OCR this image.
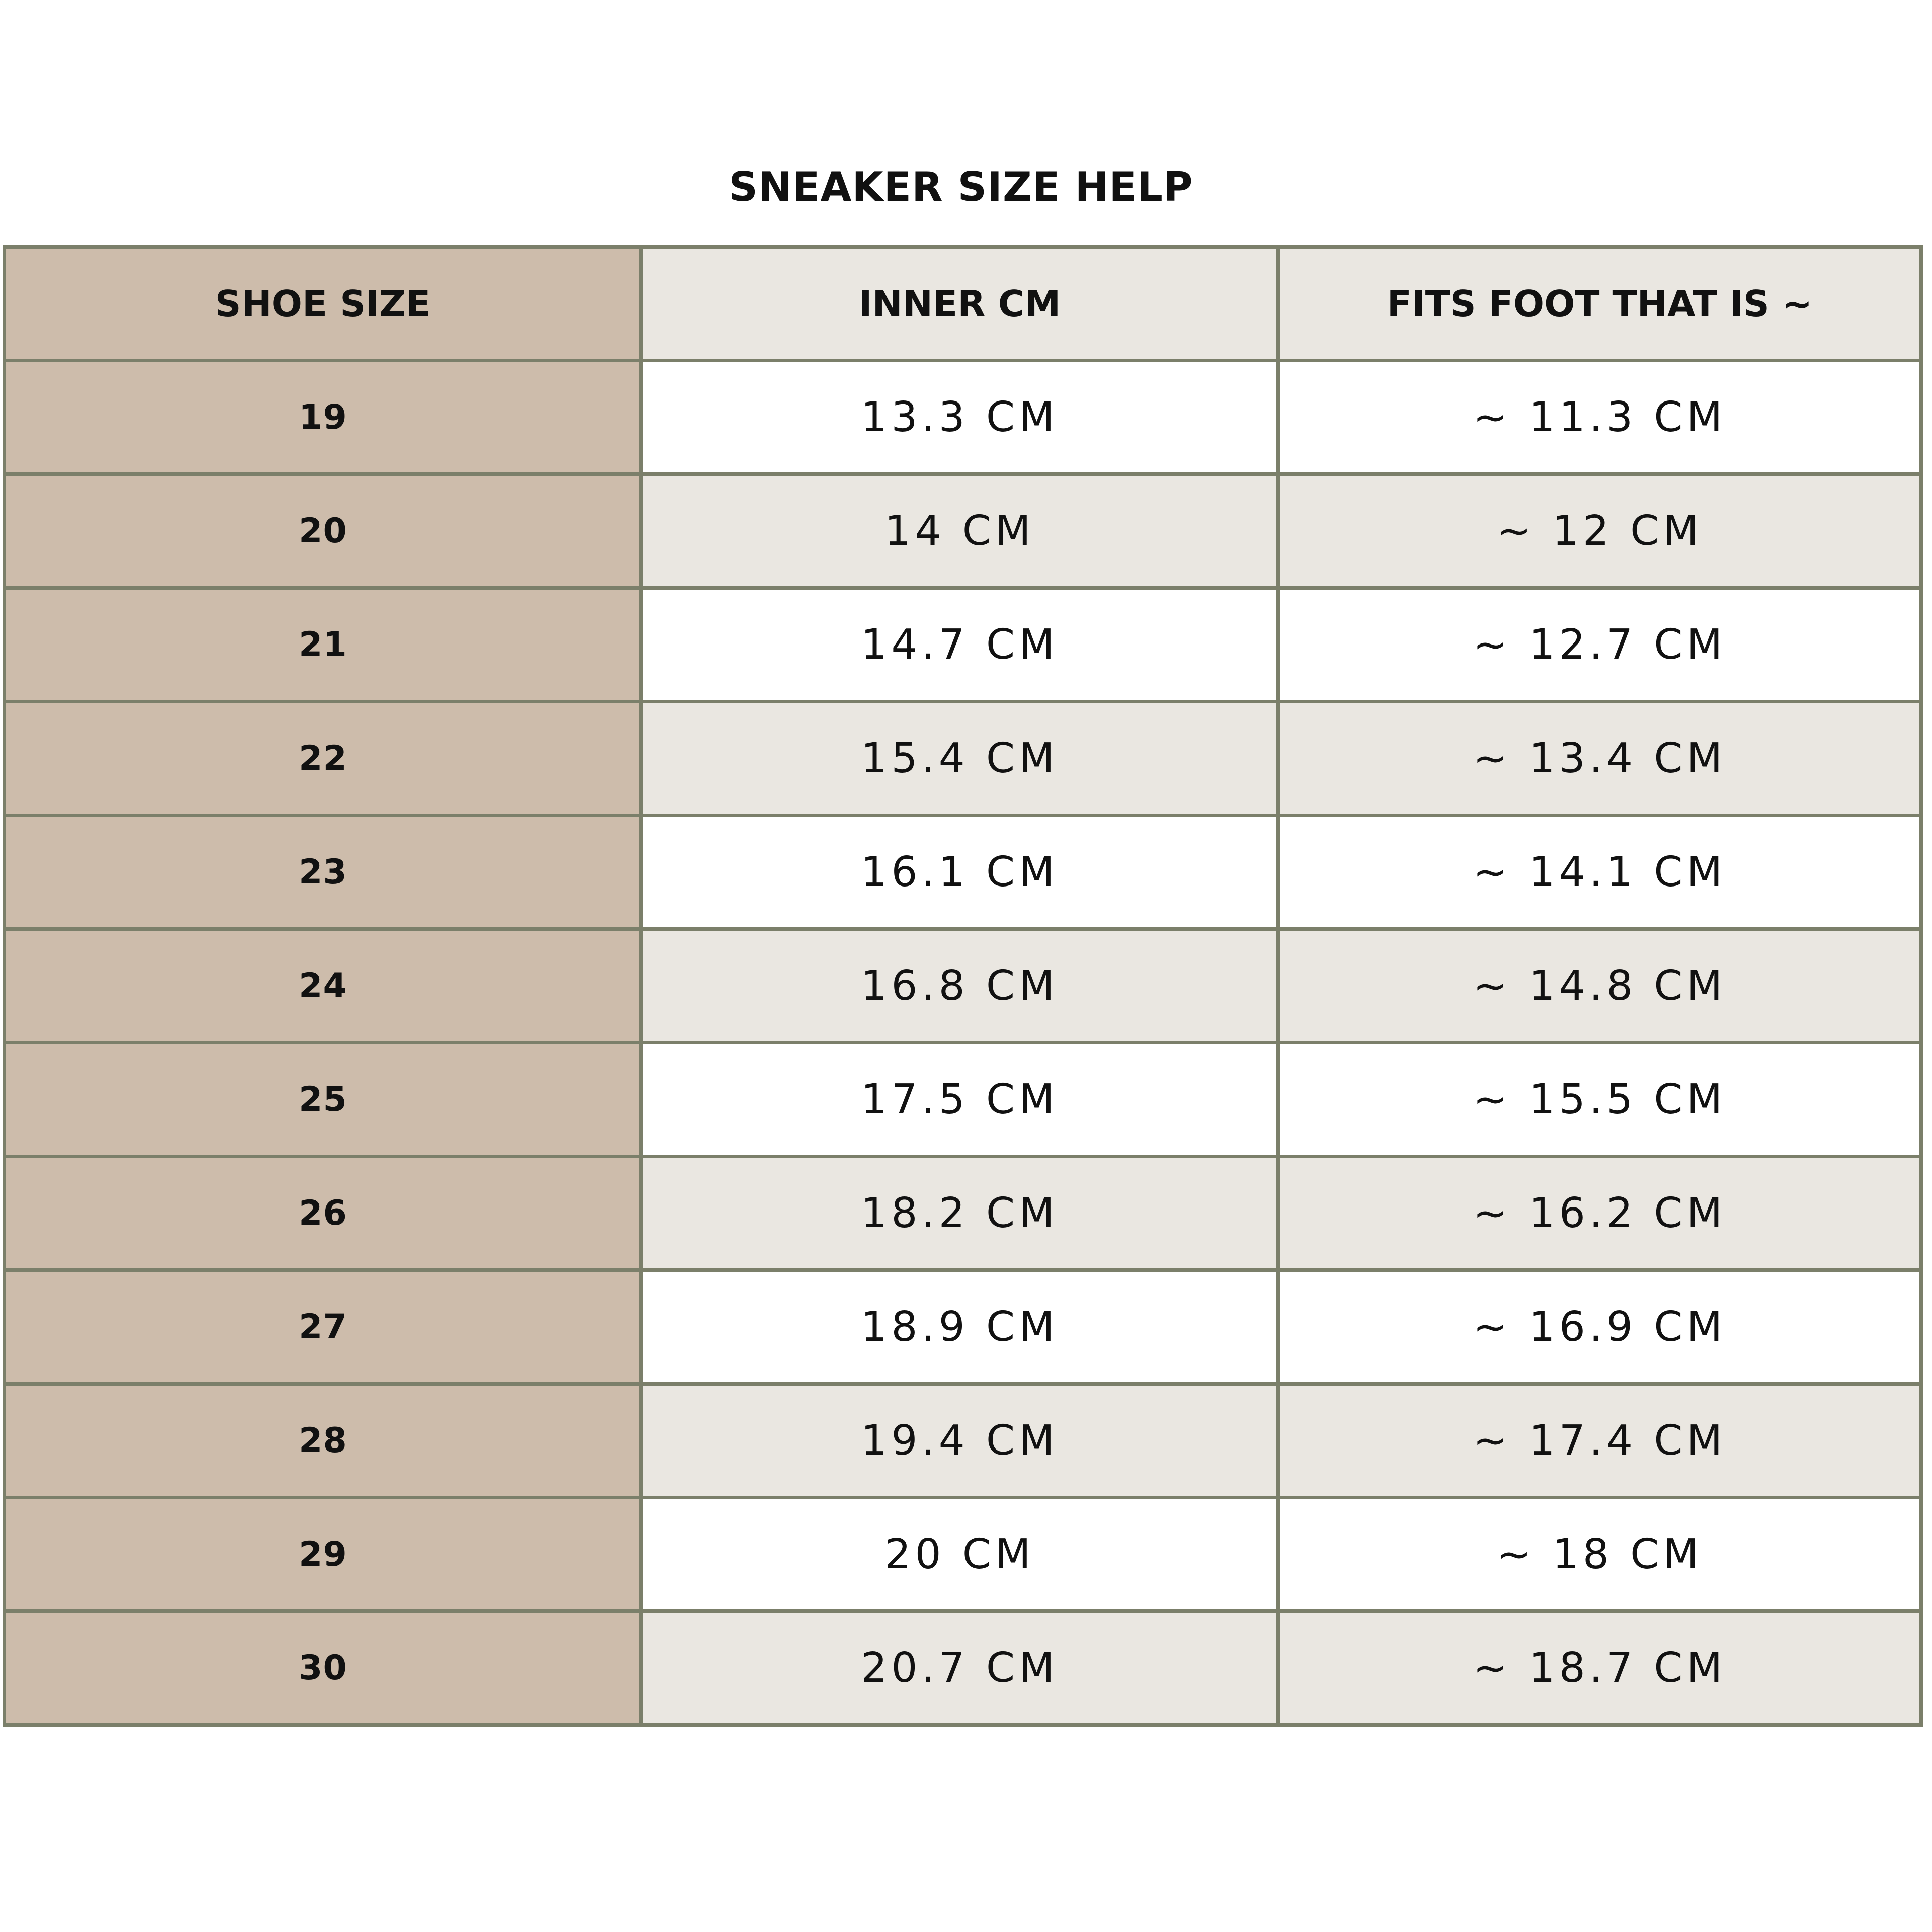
SNEAKER SIZE HELP
SHOE SIZE	INNER CM	FITS FOOT THAT IS ~
19	13.3 CM	~ 11.3 CM
20	14 CM	~ 12 CM
21	14.7 CM	~ 12.7 CM
22	15.4 CM	~ 13.4 CM
23	16.1 CM	~ 14.1 CM
24	16.8 CM	~ 14.8 CM
25	17.5 CM	~ 15.5 CM
26	18.2 CM	~ 16.2 CM
27	18.9 CM	~ 16.9 CM
28	19.4 CM	~ 17.4 CM
29	20 CM	~ 18 CM
30	20.7 CM	~ 18.7 CM
